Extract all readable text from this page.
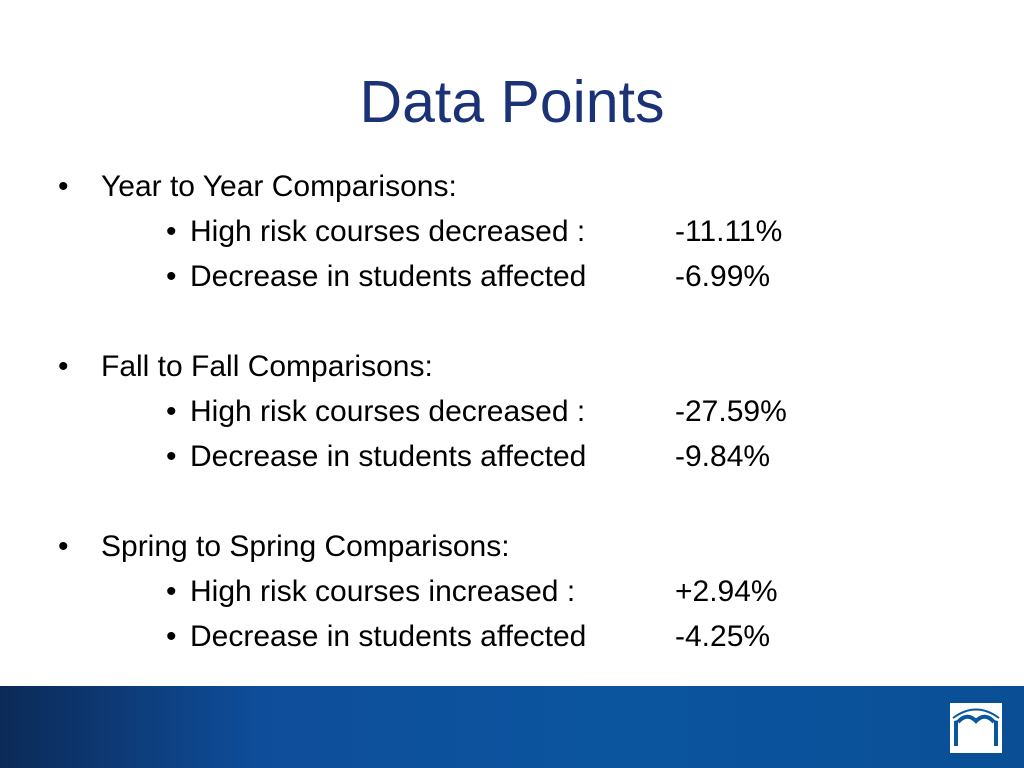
Data Points
• Year to Year Comparisons:
• High risk courses decreased :	-11.11%
• Decrease in students affected	-6.99%
• Fall to Fall Comparisons:
• High risk courses decreased :	-27.59%
• Decrease in students affected	-9.84%
• Spring to Spring Comparisons:
• High risk courses increased :	+2.94%
• Decrease in students affected	-4.25%
